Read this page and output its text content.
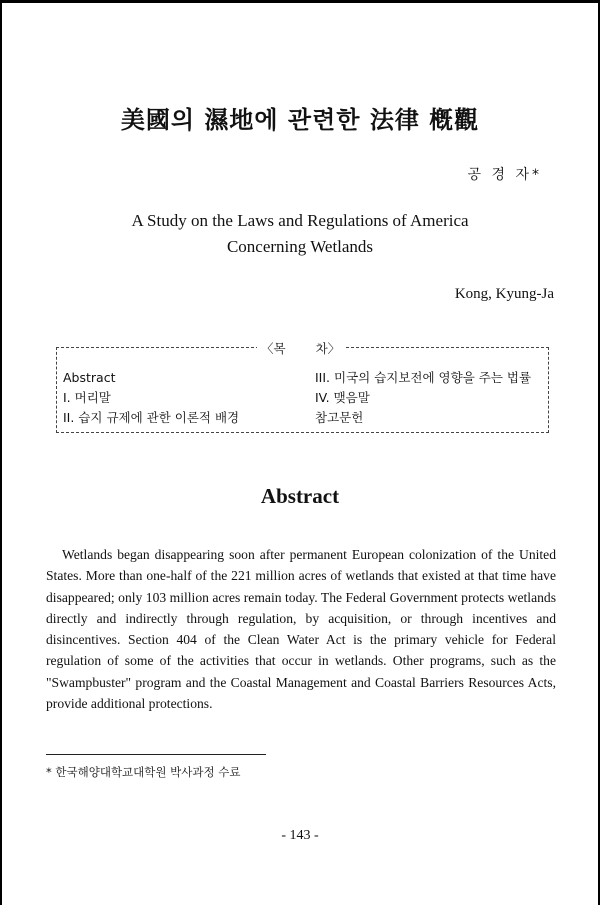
美國의 濕地에 관련한 法律 槪觀
공 경 자*
A Study on the Laws and Regulations of America Concerning Wetlands
Kong, Kyung-Ja
〈목 차〉
Abstract
I. 머리말
II. 습지 규제에 관한 이론적 배경
III. 미국의 습지보전에 영향을 주는 법률
IV. 맺음말
참고문헌
Abstract

Wetlands began disappearing soon after permanent European colonization of the United States. More than one-half of the 221 million acres of wetlands that existed at that time have disappeared; only 103 million acres remain today. The Federal Government protects wetlands directly and indirectly through regulation, by acquisition, or through incentives and disincentives. Section 404 of the Clean Water Act is the primary vehicle for Federal regulation of some of the activities that occur in wetlands. Other programs, such as the "Swampbuster" program and the Coastal Management and Coastal Barriers Resources Acts, provide additional protections.

* 한국해양대학교대학원 박사과정 수료
- 143 -
